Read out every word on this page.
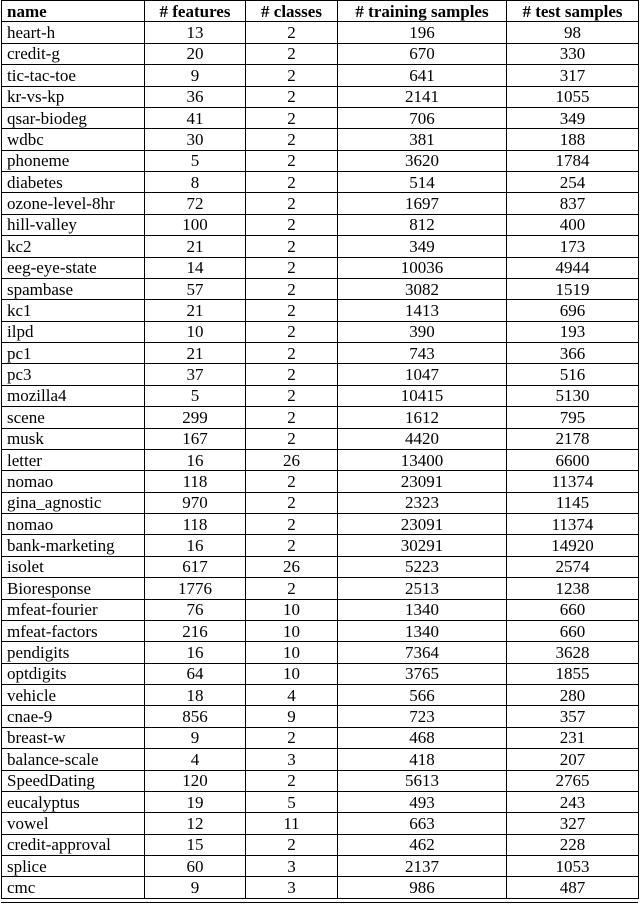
name	# features	# classes	# training samples	# test samples
heart-h	13	2	196	98
credit-g	20	2	670	330
tic-tac-toe	9	2	641	317
kr-vs-kp	36	2	2141	1055
qsar-biodeg	41	2	706	349
wdbc	30	2	381	188
phoneme	5	2	3620	1784
diabetes	8	2	514	254
ozone-level-8hr	72	2	1697	837
hill-valley	100	2	812	400
kc2	21	2	349	173
eeg-eye-state	14	2	10036	4944
spambase	57	2	3082	1519
kc1	21	2	1413	696
ilpd	10	2	390	193
pc1	21	2	743	366
pc3	37	2	1047	516
mozilla4	5	2	10415	5130
scene	299	2	1612	795
musk	167	2	4420	2178
letter	16	26	13400	6600
nomao	118	2	23091	11374
gina_agnostic	970	2	2323	1145
nomao	118	2	23091	11374
bank-marketing	16	2	30291	14920
isolet	617	26	5223	2574
Bioresponse	1776	2	2513	1238
mfeat-fourier	76	10	1340	660
mfeat-factors	216	10	1340	660
pendigits	16	10	7364	3628
optdigits	64	10	3765	1855
vehicle	18	4	566	280
cnae-9	856	9	723	357
breast-w	9	2	468	231
balance-scale	4	3	418	207
SpeedDating	120	2	5613	2765
eucalyptus	19	5	493	243
vowel	12	11	663	327
credit-approval	15	2	462	228
splice	60	3	2137	1053
cmc	9	3	986	487
